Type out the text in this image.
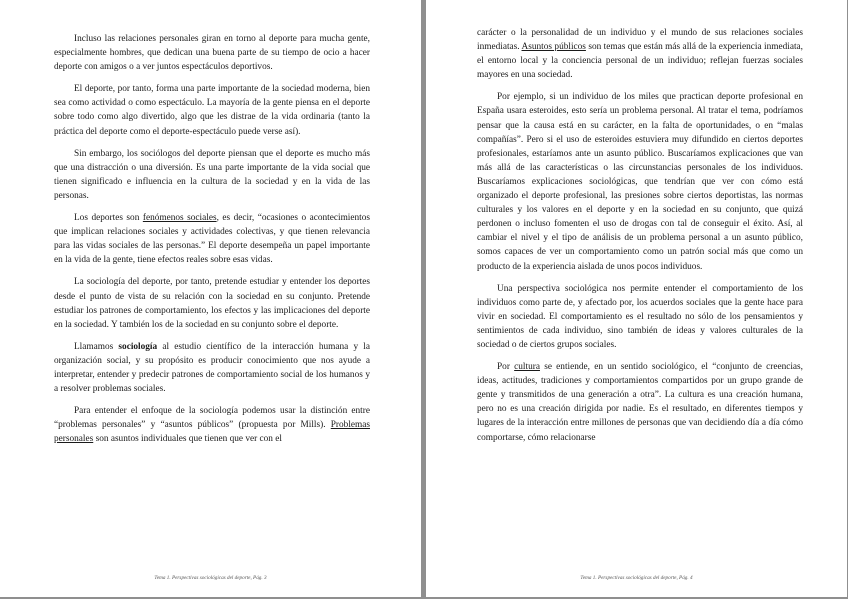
Incluso las relaciones personales giran en torno al deporte para mucha gente, especialmente hombres, que dedican una buena parte de su tiempo de ocio a hacer deporte con amigos o a ver juntos espectáculos deportivos.

El deporte, por tanto, forma una parte importante de la sociedad moderna, bien sea como actividad o como espectáculo. La mayoría de la gente piensa en el deporte sobre todo como algo divertido, algo que les distrae de la vida ordinaria (tanto la práctica del deporte como el deporte-espectáculo puede verse así).

Sin embargo, los sociólogos del deporte piensan que el deporte es mucho más que una distracción o una diversión. Es una parte importante de la vida social que tienen significado e influencia en la cultura de la sociedad y en la vida de las personas.

Los deportes son fenómenos sociales, es decir, “ocasiones o acontecimientos que implican relaciones sociales y actividades colectivas, y que tienen relevancia para las vidas sociales de las personas.” El deporte desempeña un papel importante en la vida de la gente, tiene efectos reales sobre esas vidas.

La sociología del deporte, por tanto, pretende estudiar y entender los deportes desde el punto de vista de su relación con la sociedad en su conjunto. Pretende estudiar los patrones de comportamiento, los efectos y las implicaciones del deporte en la sociedad. Y también los de la sociedad en su conjunto sobre el deporte.

Llamamos sociología al estudio científico de la interacción humana y la organización social, y su propósito es producir conocimiento que nos ayude a interpretar, entender y predecir patrones de comportamiento social de los humanos y a resolver problemas sociales.

Para entender el enfoque de la sociología podemos usar la distinción entre “problemas personales” y “asuntos públicos” (propuesta por Mills). Problemas personales son asuntos individuales que tienen que ver con el

Tema 1. Perspectivas sociológicas del deporte, Pág. 3

carácter o la personalidad de un individuo y el mundo de sus relaciones sociales inmediatas. Asuntos públicos son temas que están más allá de la experiencia inmediata, el entorno local y la conciencia personal de un individuo; reflejan fuerzas sociales mayores en una sociedad.

Por ejemplo, si un individuo de los miles que practican deporte profesional en España usara esteroides, esto sería un problema personal. Al tratar el tema, podríamos pensar que la causa está en su carácter, en la falta de oportunidades, o en “malas compañías”. Pero si el uso de esteroides estuviera muy difundido en ciertos deportes profesionales, estaríamos ante un asunto público. Buscaríamos explicaciones que van más allá de las características o las circunstancias personales de los individuos. Buscaríamos explicaciones sociológicas, que tendrían que ver con cómo está organizado el deporte profesional, las presiones sobre ciertos deportistas, las normas culturales y los valores en el deporte y en la sociedad en su conjunto, que quizá perdonen o incluso fomenten el uso de drogas con tal de conseguir el éxito. Así, al cambiar el nivel y el tipo de análisis de un problema personal a un asunto público, somos capaces de ver un comportamiento como un patrón social más que como un producto de la experiencia aislada de unos pocos individuos.

Una perspectiva sociológica nos permite entender el comportamiento de los individuos como parte de, y afectado por, los acuerdos sociales que la gente hace para vivir en sociedad. El comportamiento es el resultado no sólo de los pensamientos y sentimientos de cada individuo, sino también de ideas y valores culturales de la sociedad o de ciertos grupos sociales.

Por cultura se entiende, en un sentido sociológico, el “conjunto de creencias, ideas, actitudes, tradiciones y comportamientos compartidos por un grupo grande de gente y transmitidos de una generación a otra”. La cultura es una creación humana, pero no es una creación dirigida por nadie. Es el resultado, en diferentes tiempos y lugares de la interacción entre millones de personas que van decidiendo día a día cómo comportarse, cómo relacionarse

Tema 1. Perspectivas sociológicas del deporte, Pág. 4
